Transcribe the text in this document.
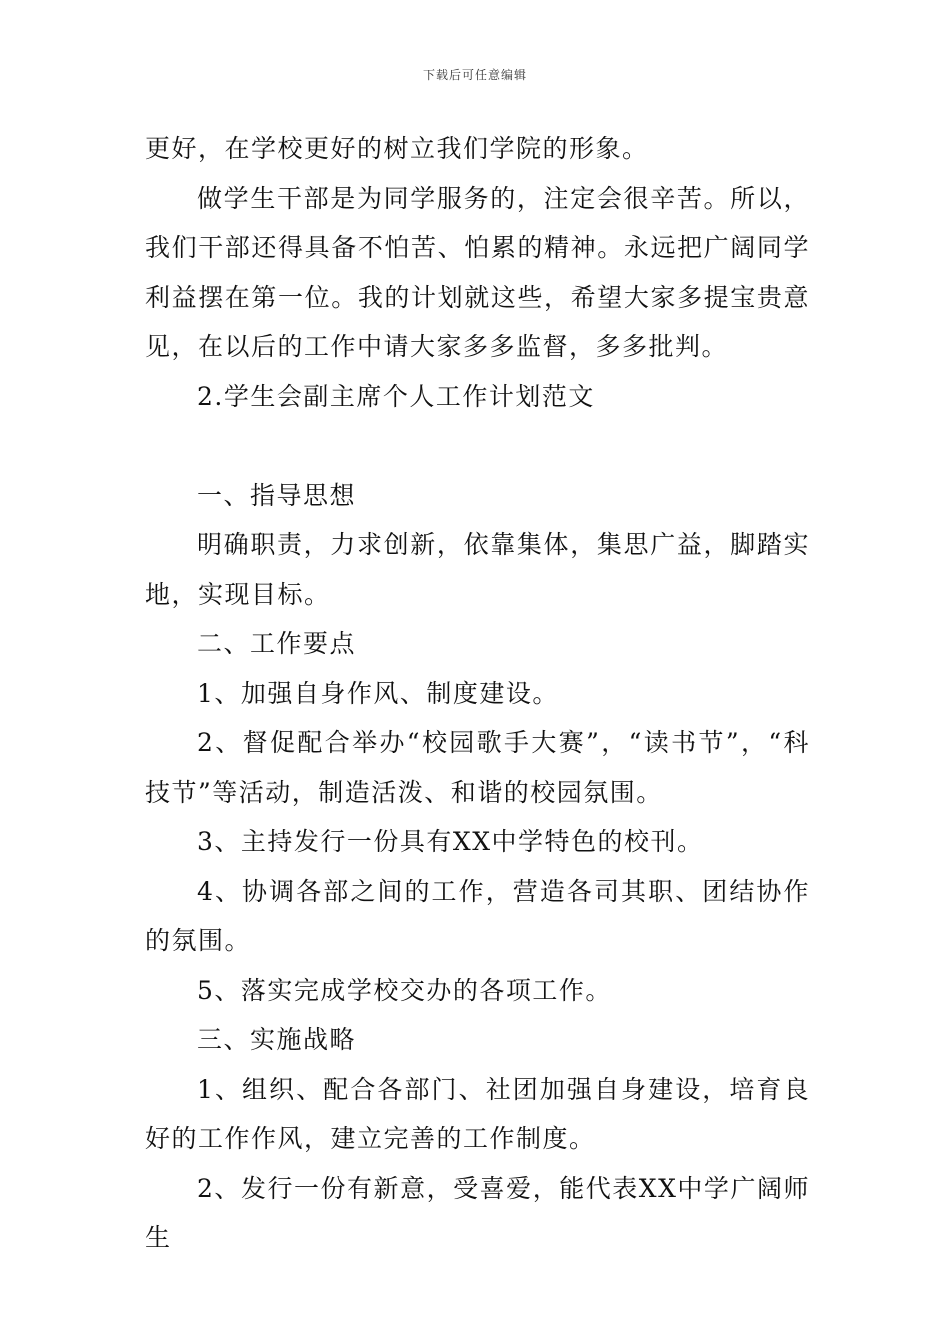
下载后可任意编辑

更好，在学校更好的树立我们学院的形象。

做学生干部是为同学服务的，注定会很辛苦。所以，我们干部还得具备不怕苦、怕累的精神。永远把广阔同学利益摆在第一位。我的计划就这些，希望大家多提宝贵意见，在以后的工作中请大家多多监督，多多批判。

2.学生会副主席个人工作计划范文

一、指导思想

明确职责，力求创新，依靠集体，集思广益，脚踏实地，实现目标。

二、工作要点

1、加强自身作风、制度建设。

2、督促配合举办“校园歌手大赛”，“读书节”，“科技节”等活动，制造活泼、和谐的校园氛围。

3、主持发行一份具有XX中学特色的校刊。

4、协调各部之间的工作，营造各司其职、团结协作的氛围。

5、落实完成学校交办的各项工作。

三、实施战略

1、组织、配合各部门、社团加强自身建设，培育良好的工作作风，建立完善的工作制度。

2、发行一份有新意，受喜爱，能代表XX中学广阔师生
